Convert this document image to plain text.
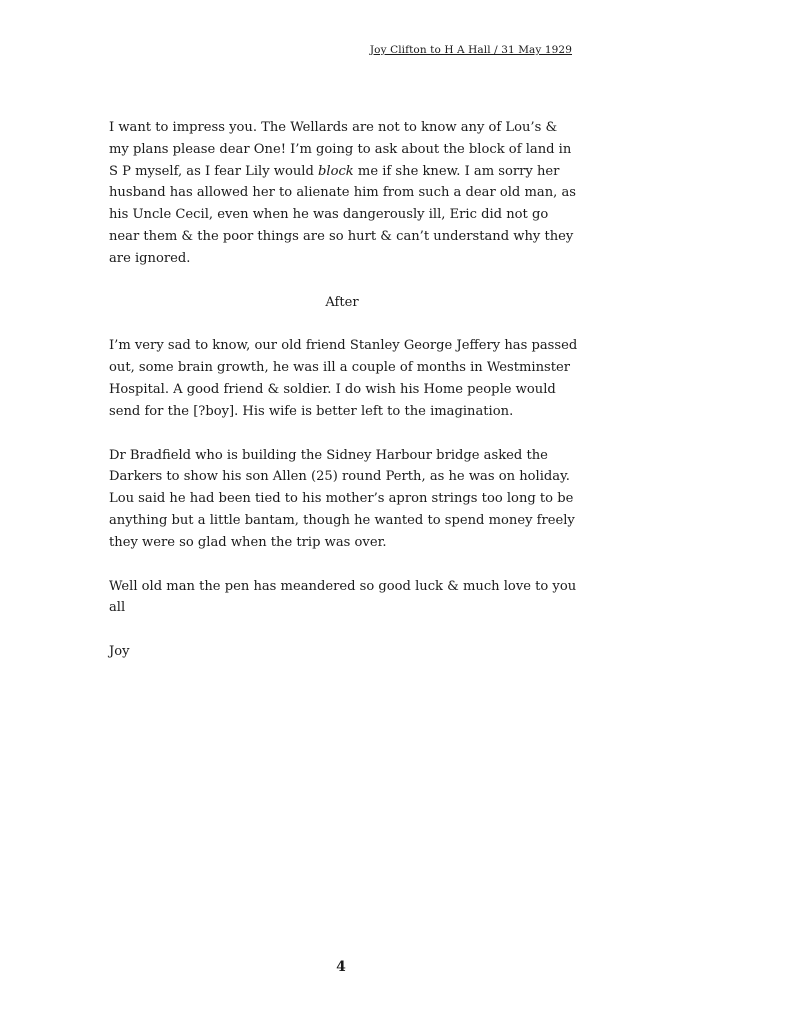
Joy Clifton to H A Hall / 31 May 1929

I want to impress you. The Wellards are not to know any of Lou’s & my plans please dear One! I’m going to ask about the block of land in S P myself, as I fear Lily would block me if she knew. I am sorry her husband has allowed her to alienate him from such a dear old man, as his Uncle Cecil, even when he was dangerously ill, Eric did not go near them & the poor things are so hurt & can’t understand why they are ignored.

After

I’m very sad to know, our old friend Stanley George Jeffery has passed out, some brain growth, he was ill a couple of months in Westminster Hospital. A good friend & soldier. I do wish his Home people would send for the [?boy]. His wife is better left to the imagination.

Dr Bradfield who is building the Sidney Harbour bridge asked the Darkers to show his son Allen (25) round Perth, as he was on holiday. Lou said he had been tied to his mother’s apron strings too long to be anything but a little bantam, though he wanted to spend money freely they were so glad when the trip was over.

Well old man the pen has meandered so good luck & much love to you all

Joy

4
